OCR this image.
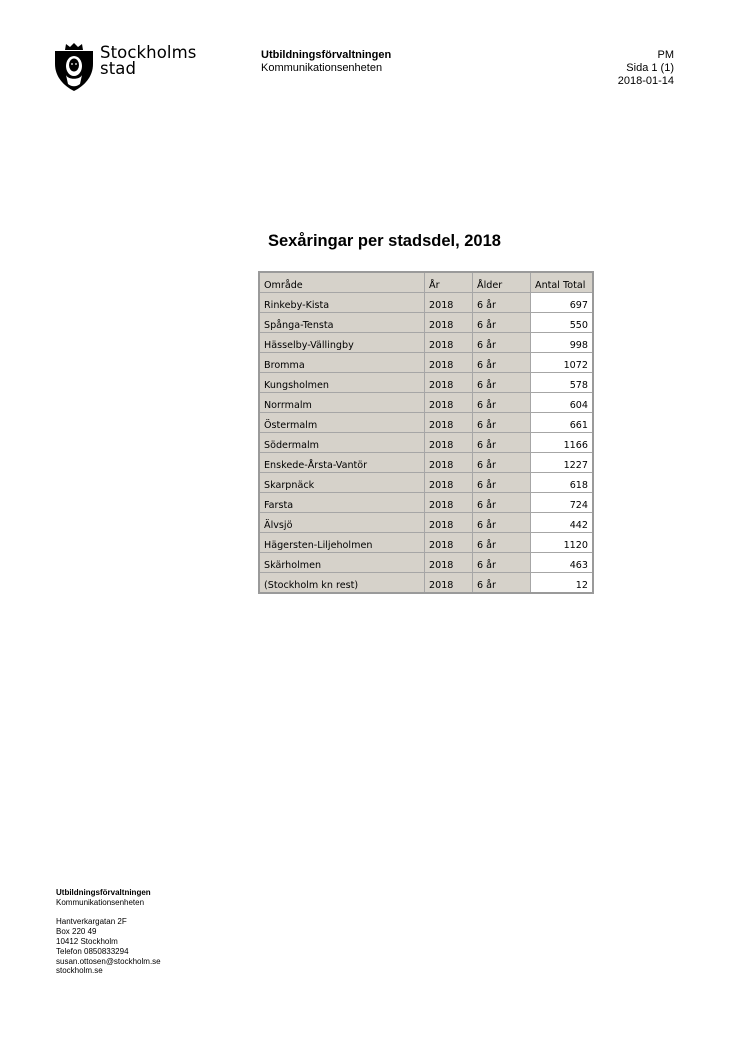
Stockholms
stad
Utbildningsförvaltningen
Kommunikationsenheten
PM
Sida 1 (1)
2018-01-14
Sexåringar per stadsdel, 2018
Område	År	Ålder	Antal Total
Rinkeby-Kista	2018	6 år	697
Spånga-Tensta	2018	6 år	550
Hässelby-Vällingby	2018	6 år	998
Bromma	2018	6 år	1072
Kungsholmen	2018	6 år	578
Norrmalm	2018	6 år	604
Östermalm	2018	6 år	661
Södermalm	2018	6 år	1166
Enskede-Årsta-Vantör	2018	6 år	1227
Skarpnäck	2018	6 år	618
Farsta	2018	6 år	724
Älvsjö	2018	6 år	442
Hägersten-Liljeholmen	2018	6 år	1120
Skärholmen	2018	6 år	463
(Stockholm kn rest)	2018	6 år	12
Utbildningsförvaltningen
Kommunikationsenheten
Hantverkargatan 2F
Box 220 49
10412 Stockholm
Telefon 0850833294
susan.ottosen@stockholm.se
stockholm.se
